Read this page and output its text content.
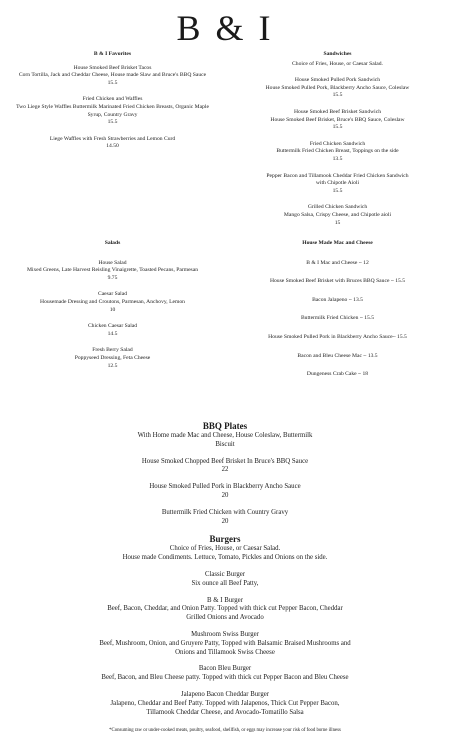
B & I
B & I Favorites
House Smoked Beef Brisket Tacos
Corn Tortilla, Jack and Cheddar Cheese, House made Slaw and Bruce's BBQ Sauce
15.5
Fried Chicken and Waffles
Two Liege Style Waffles Buttermilk Marinated Fried Chicken Breasts, Organic Maple
Syrup, Country Gravy
15.5
Liege Waffles with Fresh Strawberries and Lemon Curd
14.50
Sandwiches
Choice of Fries, House, or Caesar Salad.
House Smoked Pulled Pork Sandwich
House Smoked Pulled Pork, Blackberry Ancho Sauce, Coleslaw
15.5
House Smoked Beef Brisket Sandwich
House Smoked Beef Brisket, Bruce's BBQ Sauce, Coleslaw
15.5
Fried Chicken Sandwich
Buttermilk Fried Chicken Breast, Toppings on the side
13.5
Pepper Bacon and Tillamook Cheddar Fried Chicken Sandwich
with Chipotle Aioli
15.5
Grilled Chicken Sandwich
Mango Salsa, Crispy Cheese, and Chipotle aioli
15
Salads
House Salad
Mixed Greens, Late Harvest Reisling Vinaigrette, Toasted Pecans, Parmesan
9.75
Caesar Salad
Housemade Dressing and Croutons, Parmesan, Anchovy, Lemon
10
Chicken Caesar Salad
14.5
Fresh Berry Salad
Poppyseed Dressing, Feta Cheese
12.5
House Made Mac and Cheese
B & I Mac and Cheese ~ 12
House Smoked Beef Brisket with Bruces BBQ Sauce ~ 15.5
Bacon Jalapeno ~ 13.5
Buttermilk Fried Chicken ~ 15.5
House Smoked Pulled Pork in Blackberry Ancho Sauce~ 15.5
Bacon and Bleu Cheese Mac ~ 13.5
Dungeness Crab Cake ~ 18
BBQ Plates
With Home made Mac and Cheese, House Coleslaw, Buttermilk
Biscuit
House Smoked Chopped Beef Brisket In Bruce's BBQ Sauce
22
House Smoked Pulled Pork in Blackberry Ancho Sauce
20
Buttermilk Fried Chicken with Country Gravy
20
Burgers
Choice of Fries, House, or Caesar Salad.
House made Condiments. Lettuce, Tomato, Pickles and Onions on the side.
Classic Burger
Six ounce all Beef Patty,
B & I Burger
Beef, Bacon, Cheddar, and Onion Patty. Topped with thick cut Pepper Bacon, Cheddar
Grilled Onions and Avocado
Mushroom Swiss Burger
Beef, Mushroom, Onion, and Gruyere Patty, Topped with Balsamic Braised Mushrooms and
Onions and Tillamook Swiss Cheese
Bacon Bleu Burger
Beef, Bacon, and Bleu Cheese patty. Topped with thick cut Pepper Bacon and Bleu Cheese
Jalapeno Bacon Cheddar Burger
Jalapeno, Cheddar and Beef Patty. Topped with Jalapenos, Thick Cut Pepper Bacon,
Tillamook Cheddar Cheese, and Avocado-Tomatillo Salsa
*Consuming raw or under-cooked meats, poultry, seafood, shellfish, or eggs may increase your risk of food borne illness
